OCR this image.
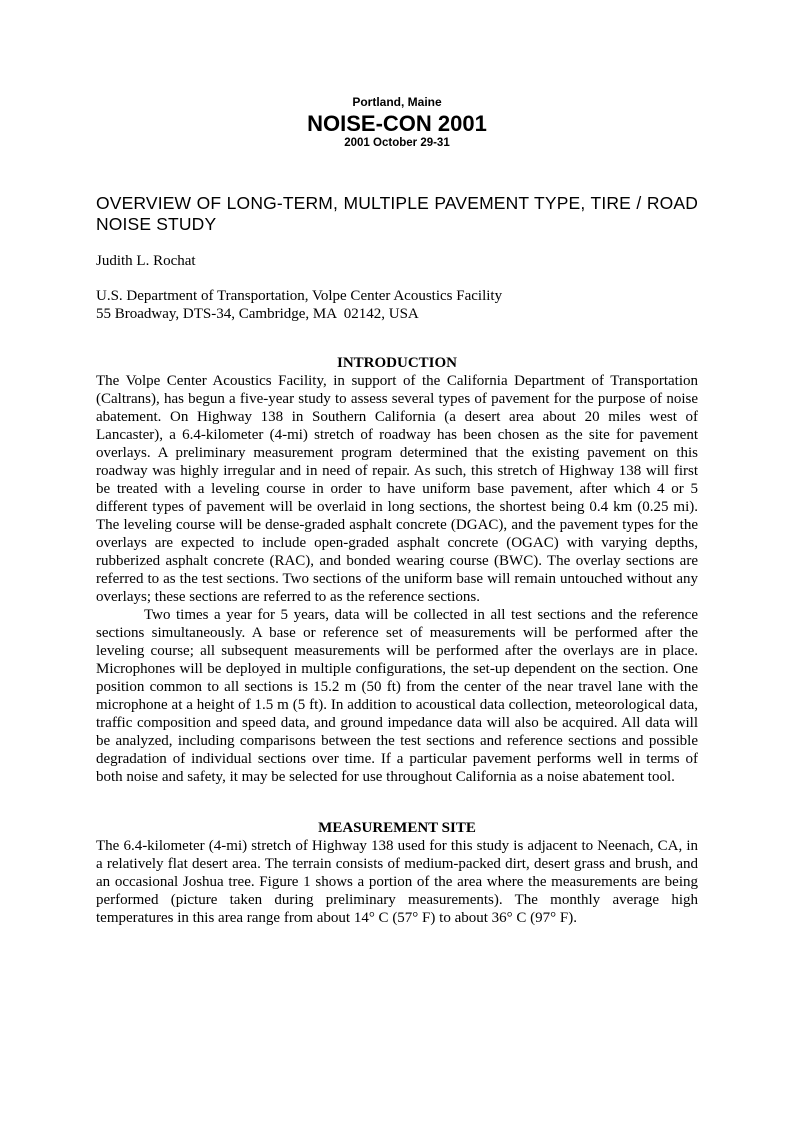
Portland, Maine
NOISE-CON 2001
2001 October 29-31
OVERVIEW OF LONG-TERM, MULTIPLE PAVEMENT TYPE, TIRE / ROAD NOISE STUDY
Judith L. Rochat
U.S. Department of Transportation, Volpe Center Acoustics Facility
55 Broadway, DTS-34, Cambridge, MA  02142, USA
INTRODUCTION

The Volpe Center Acoustics Facility, in support of the California Department of Transportation (Caltrans), has begun a five-year study to assess several types of pavement for the purpose of noise abatement. On Highway 138 in Southern California (a desert area about 20 miles west of Lancaster), a 6.4-kilometer (4-mi) stretch of roadway has been chosen as the site for pavement overlays. A preliminary measurement program determined that the existing pavement on this roadway was highly irregular and in need of repair. As such, this stretch of Highway 138 will first be treated with a leveling course in order to have uniform base pavement, after which 4 or 5 different types of pavement will be overlaid in long sections, the shortest being 0.4 km (0.25 mi). The leveling course will be dense-graded asphalt concrete (DGAC), and the pavement types for the overlays are expected to include open-graded asphalt concrete (OGAC) with varying depths, rubberized asphalt concrete (RAC), and bonded wearing course (BWC). The overlay sections are referred to as the test sections. Two sections of the uniform base will remain untouched without any overlays; these sections are referred to as the reference sections.

Two times a year for 5 years, data will be collected in all test sections and the reference sections simultaneously. A base or reference set of measurements will be performed after the leveling course; all subsequent measurements will be performed after the overlays are in place. Microphones will be deployed in multiple configurations, the set-up dependent on the section. One position common to all sections is 15.2 m (50 ft) from the center of the near travel lane with the microphone at a height of 1.5 m (5 ft). In addition to acoustical data collection, meteorological data, traffic composition and speed data, and ground impedance data will also be acquired. All data will be analyzed, including comparisons between the test sections and reference sections and possible degradation of individual sections over time. If a particular pavement performs well in terms of both noise and safety, it may be selected for use throughout California as a noise abatement tool.

MEASUREMENT SITE

The 6.4-kilometer (4-mi) stretch of Highway 138 used for this study is adjacent to Neenach, CA, in a relatively flat desert area. The terrain consists of medium-packed dirt, desert grass and brush, and an occasional Joshua tree. Figure 1 shows a portion of the area where the measurements are being performed (picture taken during preliminary measurements). The monthly average high temperatures in this area range from about 14° C (57° F) to about 36° C (97° F).
